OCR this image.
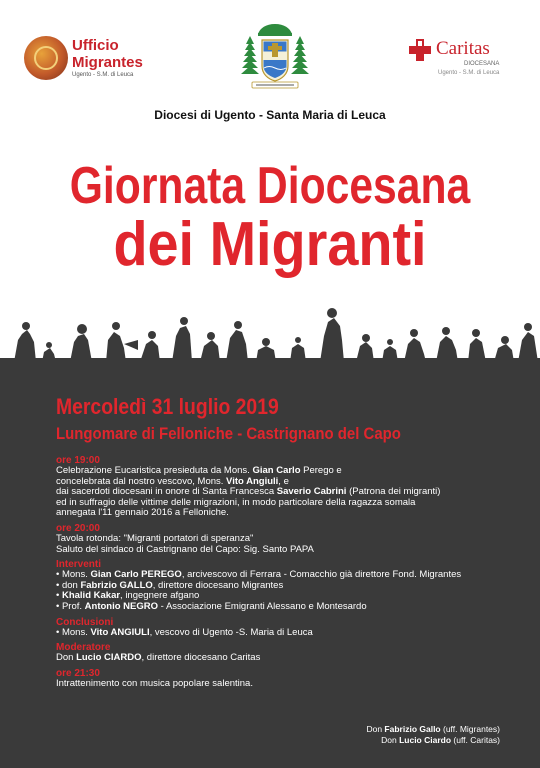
Ufficio
Migrantes
Ugento - S.M. di Leuca
Caritas
DIOCESANA
Ugento - S.M. di Leuca
Diocesi di Ugento - Santa Maria di Leuca
Giornata Diocesana
dei Migranti
Mercoledì 31 luglio 2019
Lungomare di Felloniche - Castrignano del Capo
ore 19:00
Celebrazione Eucaristica presieduta da Mons. Gian Carlo Perego e
concelebrata dal nostro vescovo, Mons. Vito Angiuli, e
dai sacerdoti diocesani in onore di Santa Francesca Saverio Cabrini (Patrona dei migranti)
ed in suffragio delle vittime delle migrazioni, in modo particolare della ragazza somala
annegata l'11 gennaio 2016 a Felloniche.
ore 20:00
Tavola rotonda: "Migranti portatori di speranza"
Saluto del sindaco di Castrignano del Capo: Sig. Santo PAPA
Interventi
• Mons. Gian Carlo PEREGO, arcivescovo di Ferrara - Comacchio già direttore Fond. Migrantes
• don Fabrizio GALLO, direttore diocesano Migrantes
• Khalid Kakar, ingegnere afgano
• Prof. Antonio NEGRO - Associazione Emigranti Alessano e Montesardo
Conclusioni
• Mons. Vito ANGIULI, vescovo di Ugento -S. Maria di Leuca
Moderatore
Don Lucio CIARDO, direttore diocesano Caritas
ore 21:30
Intrattenimento con musica popolare salentina.
Don Fabrizio Gallo (uff. Migrantes)
Don Lucio Ciardo (uff. Caritas)
